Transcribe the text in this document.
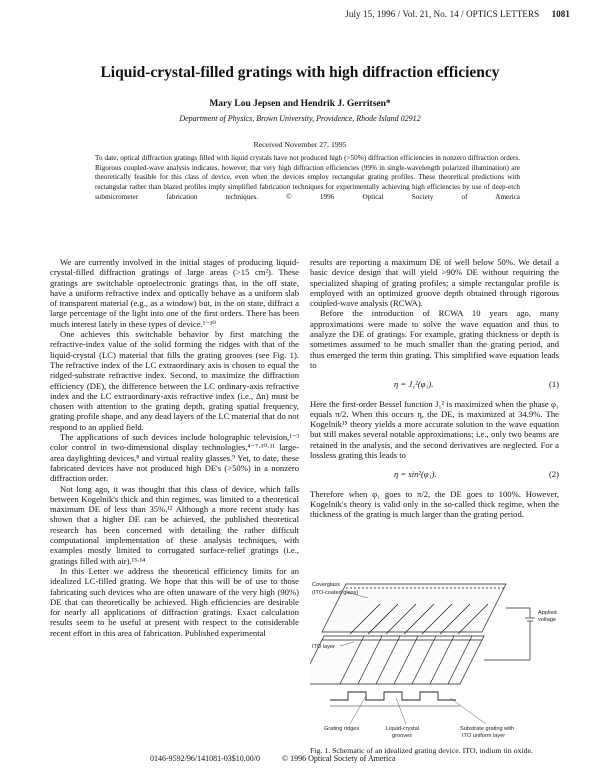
July 15, 1996 / Vol. 21, No. 14 / OPTICS LETTERS 1081
Liquid-crystal-filled gratings with high diffraction efficiency
Mary Lou Jepsen and Hendrik J. Gerritsen*
Department of Physics, Brown University, Providence, Rhode Island 02912
Received November 27, 1995
To date, optical diffraction gratings filled with liquid crystals have not produced high (>50%) diffraction efficiencies in nonzero diffraction orders. Rigorous coupled-wave analysis indicates, however, that very high diffraction efficiencies (99% in single-wavelength polarized illumination) are theoretically feasible for this class of device, even when the devices employ rectangular grating profiles. These theoretical predictions with rectangular rather than blazed profiles imply simplified fabrication techniques for experimentally achieving high efficiencies by use of deep-etch submicrometer fabrication techniques.	© 1996 Optical Society of America

We are currently involved in the initial stages of producing liquid-crystal-filled diffraction gratings of large areas (>15 cm²). These gratings are switchable optoelectronic gratings that, in the off state, have a uniform refractive index and optically behave as a uniform slab of transparent material (e.g., as a window) but, in the on state, diffract a large percentage of the light into one of the first orders. There has been much interest lately in these types of device.¹⁻¹⁰

One achieves this switchable behavior by first matching the refractive-index value of the solid forming the ridges with that of the liquid-crystal (LC) material that fills the grating grooves (see Fig. 1). The refractive index of the LC extraordinary axis is chosen to equal the ridged-substrate refractive index. Second, to maximize the diffraction efficiency (DE), the difference between the LC ordinary-axis refractive index and the LC extraordinary-axis refractive index (i.e., Δn) must be chosen with attention to the grating depth, grating spatial frequency, grating profile shape, and any dead layers of the LC material that do not respond to an applied field.

The applications of such devices include holographic television,¹⁻³ color control in two-dimensional display technologies,⁴⁻⁷·¹⁰·¹¹ large-area daylighting devices,⁸ and virtual reality glasses.⁹ Yet, to date, these fabricated devices have not produced high DE's (>50%) in a nonzero diffraction order.

Not long ago, it was thought that this class of device, which falls between Kogelnik's thick and thin regimes, was limited to a theoretical maximum DE of less than 35%.¹² Although a more recent study has shown that a higher DE can be achieved, the published theoretical research has been concerned with detailing the rather difficult computational implementation of these analysis techniques, with examples mostly limited to corrugated surface-relief gratings (i.e., gratings filled with air).¹³·¹⁴

In this Letter we address the theoretical efficiency limits for an idealized LC-filled grating. We hope that this will be of use to those fabricating such devices who are often unaware of the very high (90%) DE that can theoretically be achieved. High efficiencies are desirable for nearly all applications of diffraction gratings. Exact calculation results seem to be useful at present with respect to the considerable recent effort in this area of fabrication. Published experimental

results are reporting a maximum DE of well below 50%. We detail a basic device design that will yield >90% DE without requiring the specialized shaping of grating profiles; a simple rectangular profile is employed with an optimized groove depth obtained through rigorous coupled-wave analysis (RCWA).

Before the introduction of RCWA 10 years ago, many approximations were made to solve the wave equation and thus to analyze the DE of gratings. For example, grating thickness or depth is sometimes assumed to be much smaller than the grating period, and thus emerged the term thin grating. This simplified wave equation leads to

η = J₁²(φ₁).	(1)

Here the first-order Bessel function J₁² is maximized when the phase φ₁ equals π/2. When this occurs η, the DE, is maximized at 34.9%. The Kogelnik¹⁵ theory yields a more accurate solution to the wave equation but still makes several notable approximations; i.e., only two beams are retained in the analysis, and the second derivatives are neglected. For a lossless grating this leads to

η = sin²(φ₁).	(2)

Therefore when φ₁ goes to π/2, the DE goes to 100%. However, Kogelnik's theory is valid only in the so-called thick regime, when the thickness of the grating is much larger than the grating period.

Coverglass
(ITO-coated glass)
ITO layer
Applied
voltage
Grating ridges	Liquid-crystal
grooves
Substrate grating with
ITO uniform layer
Fig. 1. Schematic of an idealized grating device. ITO, indium tin oxide.
0146-9592/96/141081-03$10.00/0	© 1996 Optical Society of America
